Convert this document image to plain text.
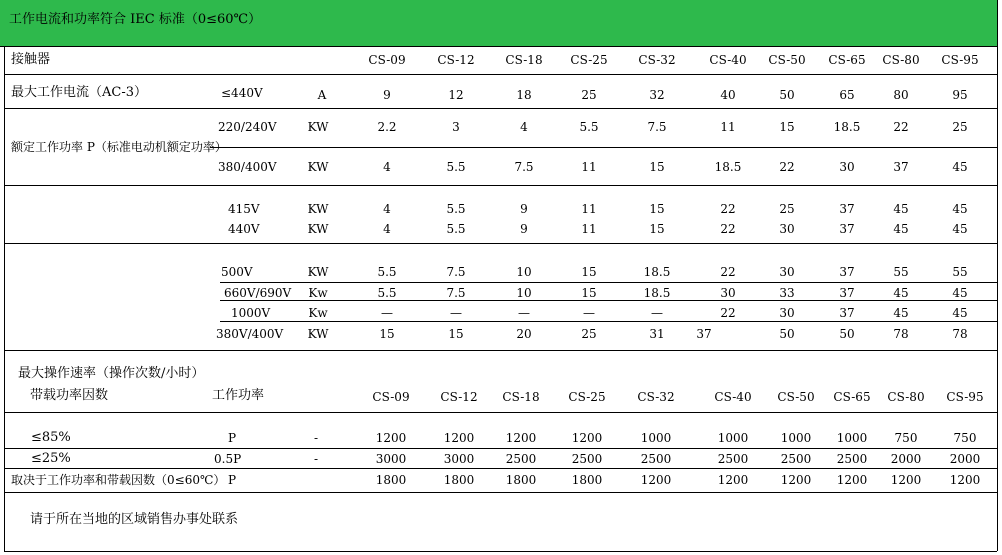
工作电流和功率符合 IEC 标准（0≤60℃）
接触器	CS-09	CS-12	CS-18 CS-25	CS-32	CS-40 CS-50 CS-65 CS-80 CS-95
最大工作电流（AC-3）	≤440V	A	9	12	18	25	32	40	50	65	80	95
额定工作功率 P（标准电动机额定功率）
220/240V	KW	2.2	3	4	5.5	7.5	11	15	18.5	22	25
380/400V	KW	4	5.5	7.5	11	15	18.5	22	30	37	45
415V	KW	4	5.5	9	11	15	22	25	37	45	45
440V	KW	4	5.5	9	11	15	22	30	37	45	45
500V	KW	5.5	7.5	10	15	18.5	22	30	37	55	55
660V/690V Kw	5.5	7.5	10	15	18.5	30	33	37	45	45
1000V	Kw	—	—	—	—	—	22	30	37	45	45
380V/400V KW	15	15	20	25	31	37	50	50	78	78
最大操作速率（操作次数/小时）
带载功率因数	工作功率	CS-09	CS-12 CS-18 CS-25	CS-32	CS-40 CS-50 CS-65 CS-80 CS-95
≤85%	P	-	1200	1200	1200	1200	1000	1000	1000 1000 750	750
≤25%	0.5P	-	3000	3000	2500	2500	2500	2500	2500 2500 2000 2000
取决于工作功率和带载因数（0≤60℃） P	1800	1800	1800	1800	1200	1200	1200 1200 1200 1200
请于所在当地的区域销售办事处联系
